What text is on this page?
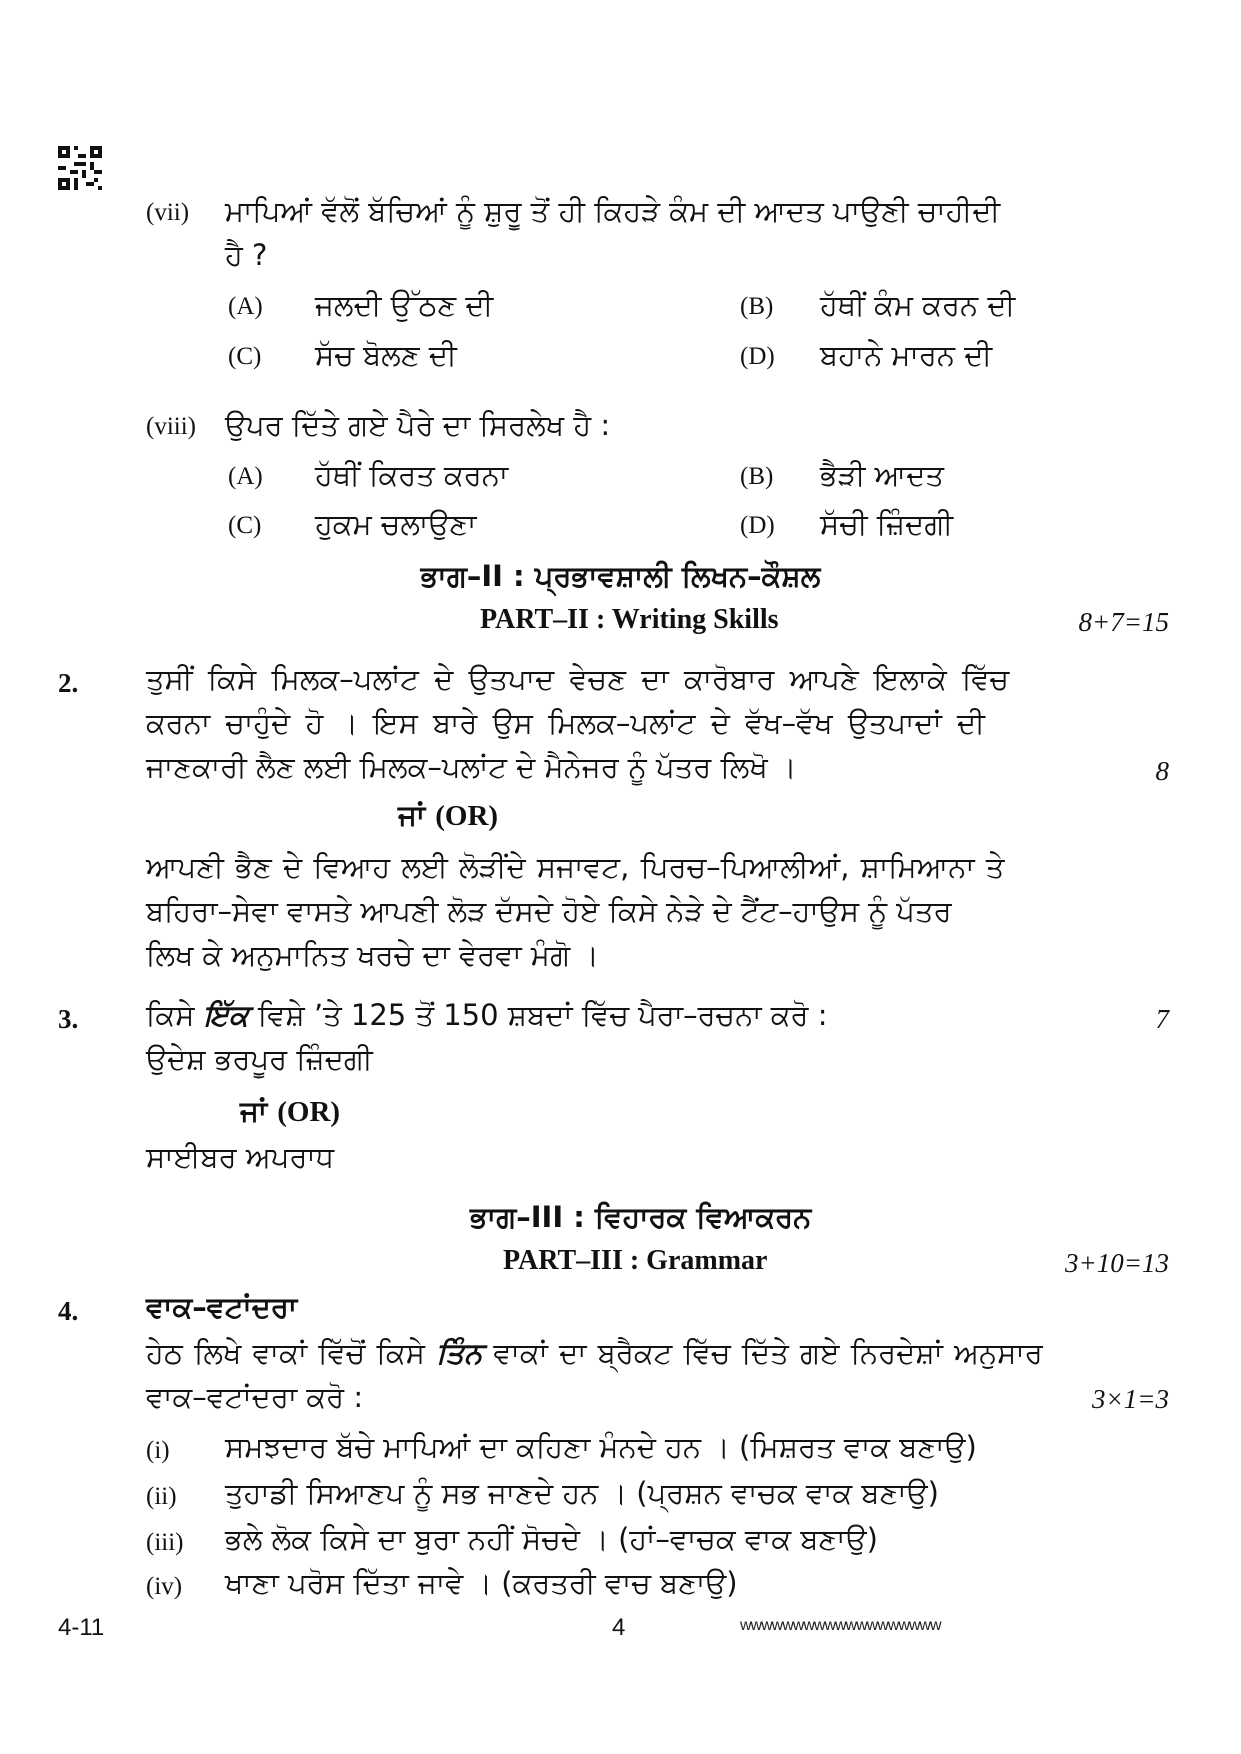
(vii) ਮਾਪਿਆਂ ਵੱਲੋਂ ਬੱਚਿਆਂ ਨੂੰ ਸ਼ੁਰੂ ਤੋਂ ਹੀ ਕਿਹੜੇ ਕੰਮ ਦੀ ਆਦਤ ਪਾਉਣੀ ਚਾਹੀਦੀ
ਹੈ ?
(A) ਜਲਦੀ ਉੱਠਣ ਦੀ	(B) ਹੱਥੀਂ ਕੰਮ ਕਰਨ ਦੀ
(C) ਸੱਚ ਬੋਲਣ ਦੀ	(D) ਬਹਾਨੇ ਮਾਰਨ ਦੀ
(viii) ਉਪਰ ਦਿੱਤੇ ਗਏ ਪੈਰੇ ਦਾ ਸਿਰਲੇਖ ਹੈ :
(A) ਹੱਥੀਂ ਕਿਰਤ ਕਰਨਾ	(B) ਭੈੜੀ ਆਦਤ
(C) ਹੁਕਮ ਚਲਾਉਣਾ	(D) ਸੱਚੀ ਜ਼ਿੰਦਗੀ
ਭਾਗ–II : ਪ੍ਰਭਾਵਸ਼ਾਲੀ ਲਿਖਨ–ਕੌਸ਼ਲ
PART–II : Writing Skills	8+7=15
2. ਤੁਸੀਂ ਕਿਸੇ ਮਿਲਕ–ਪਲਾਂਟ ਦੇ ਉਤਪਾਦ ਵੇਚਣ ਦਾ ਕਾਰੋਬਾਰ ਆਪਣੇ ਇਲਾਕੇ ਵਿੱਚ
ਕਰਨਾ ਚਾਹੁੰਦੇ ਹੋ । ਇਸ ਬਾਰੇ ਉਸ ਮਿਲਕ–ਪਲਾਂਟ ਦੇ ਵੱਖ–ਵੱਖ ਉਤਪਾਦਾਂ ਦੀ
ਜਾਣਕਾਰੀ ਲੈਣ ਲਈ ਮਿਲਕ–ਪਲਾਂਟ ਦੇ ਮੈਨੇਜਰ ਨੂੰ ਪੱਤਰ ਲਿਖੋ ।	8
ਜਾਂ (OR)
ਆਪਣੀ ਭੈਣ ਦੇ ਵਿਆਹ ਲਈ ਲੋੜੀਂਦੇ ਸਜਾਵਟ, ਪਿਰਚ–ਪਿਆਲੀਆਂ, ਸ਼ਾਮਿਆਨਾ ਤੇ
ਬਹਿਰਾ–ਸੇਵਾ ਵਾਸਤੇ ਆਪਣੀ ਲੋੜ ਦੱਸਦੇ ਹੋਏ ਕਿਸੇ ਨੇੜੇ ਦੇ ਟੈਂਟ–ਹਾਉਸ ਨੂੰ ਪੱਤਰ
ਲਿਖ ਕੇ ਅਨੁਮਾਨਿਤ ਖਰਚੇ ਦਾ ਵੇਰਵਾ ਮੰਗੋ ।
3. ਕਿਸੇ ਇੱਕ ਵਿਸ਼ੇ ’ਤੇ 125 ਤੋਂ 150 ਸ਼ਬਦਾਂ ਵਿੱਚ ਪੈਰਾ–ਰਚਨਾ ਕਰੋ :	7
ਉਦੇਸ਼ ਭਰਪੂਰ ਜ਼ਿੰਦਗੀ
ਜਾਂ (OR)
ਸਾਈਬਰ ਅਪਰਾਧ
ਭਾਗ–III : ਵਿਹਾਰਕ ਵਿਆਕਰਨ
PART–III : Grammar	3+10=13
4. ਵਾਕ–ਵਟਾਂਦਰਾ
ਹੇਠ ਲਿਖੇ ਵਾਕਾਂ ਵਿੱਚੋਂ ਕਿਸੇ ਤਿੰਨ ਵਾਕਾਂ ਦਾ ਬ੍ਰੈਕਟ ਵਿੱਚ ਦਿੱਤੇ ਗਏ ਨਿਰਦੇਸ਼ਾਂ ਅਨੁਸਾਰ
ਵਾਕ–ਵਟਾਂਦਰਾ ਕਰੋ :	3×1=3
(i) ਸਮਝਦਾਰ ਬੱਚੇ ਮਾਪਿਆਂ ਦਾ ਕਹਿਣਾ ਮੰਨਦੇ ਹਨ । (ਮਿਸ਼ਰਤ ਵਾਕ ਬਣਾਉ)
(ii) ਤੁਹਾਡੀ ਸਿਆਣਪ ਨੂੰ ਸਭ ਜਾਣਦੇ ਹਨ । (ਪ੍ਰਸ਼ਨ ਵਾਚਕ ਵਾਕ ਬਣਾਉ)
(iii) ਭਲੇ ਲੋਕ ਕਿਸੇ ਦਾ ਬੁਰਾ ਨਹੀਂ ਸੋਚਦੇ । (ਹਾਂ–ਵਾਚਕ ਵਾਕ ਬਣਾਉ)
(iv) ਖਾਣਾ ਪਰੋਸ ਦਿੱਤਾ ਜਾਵੇ । (ਕਰਤਰੀ ਵਾਚ ਬਣਾਉ)
4-11	4	wwwwwwwwwwwwwwwwwww
